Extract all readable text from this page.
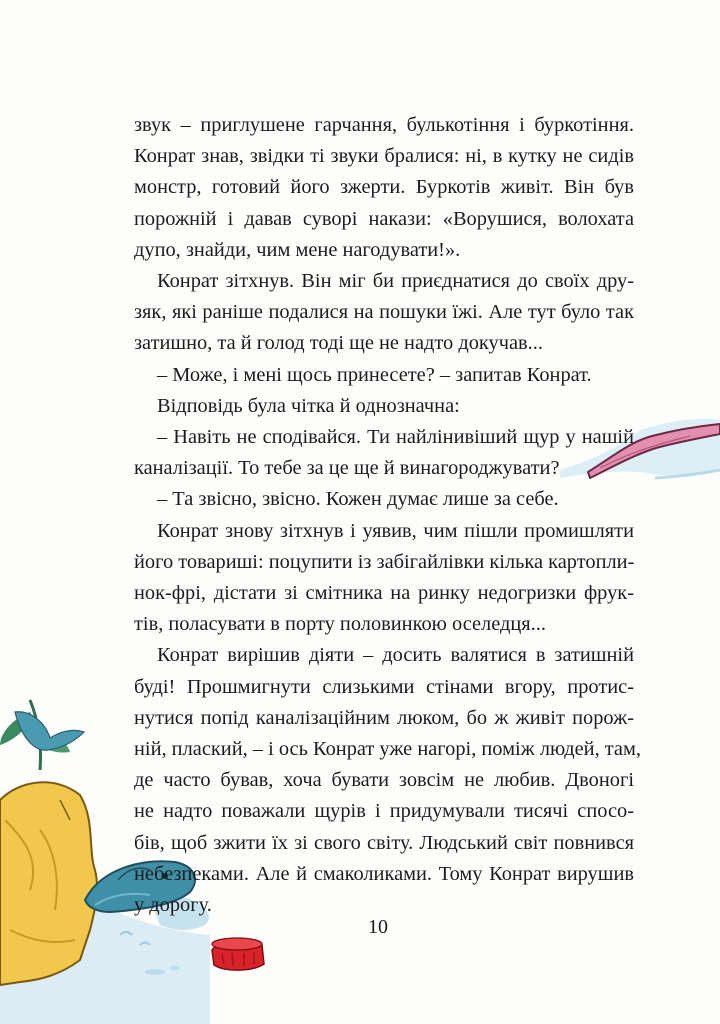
звук – приглушене гарчання, булькотіння і буркотіння.
Конрат знав, звідки ті звуки бралися: ні, в кутку не сидів
монстр, готовий його зжерти. Буркотів живіт. Він був
порожній і давав суворі накази: «Ворушися, волохата
дупо, знайди, чим мене нагодувати!».
Конрат зітхнув. Він міг би приєднатися до своїх дру-
зяк, які раніше подалися на пошуки їжі. Але тут було так
затишно, та й голод тоді ще не надто докучав...
– Може, і мені щось принесете? – запитав Конрат.
Відповідь була чітка й однозначна:
– Навіть не сподівайся. Ти найлінивіший щур у нашій
каналізації. То тебе за це ще й винагороджувати?
– Та звісно, звісно. Кожен думає лише за себе.
Конрат знову зітхнув і уявив, чим пішли промишляти
його товариші: поцупити із забігайлівки кілька картопли-
нок-фрі, дістати зі смітника на ринку недогризки фрук-
тів, поласувати в порту половинкою оселедця...
Конрат вирішив діяти – досить валятися в затишній
буді! Прошмигнути слизькими стінами вгору, протис-
нутися попід каналізаційним люком, бо ж живіт порож-
ній, плаский, – і ось Конрат уже нагорі, поміж людей, там,
де часто бував, хоча бувати зовсім не любив. Двоногі
не надто поважали щурів і придумували тисячі спосо-
бів, щоб зжити їх зі свого світу. Людський світ повнився
небезпеками. Але й смаколиками. Тому Конрат вирушив
у дорогу.
10
